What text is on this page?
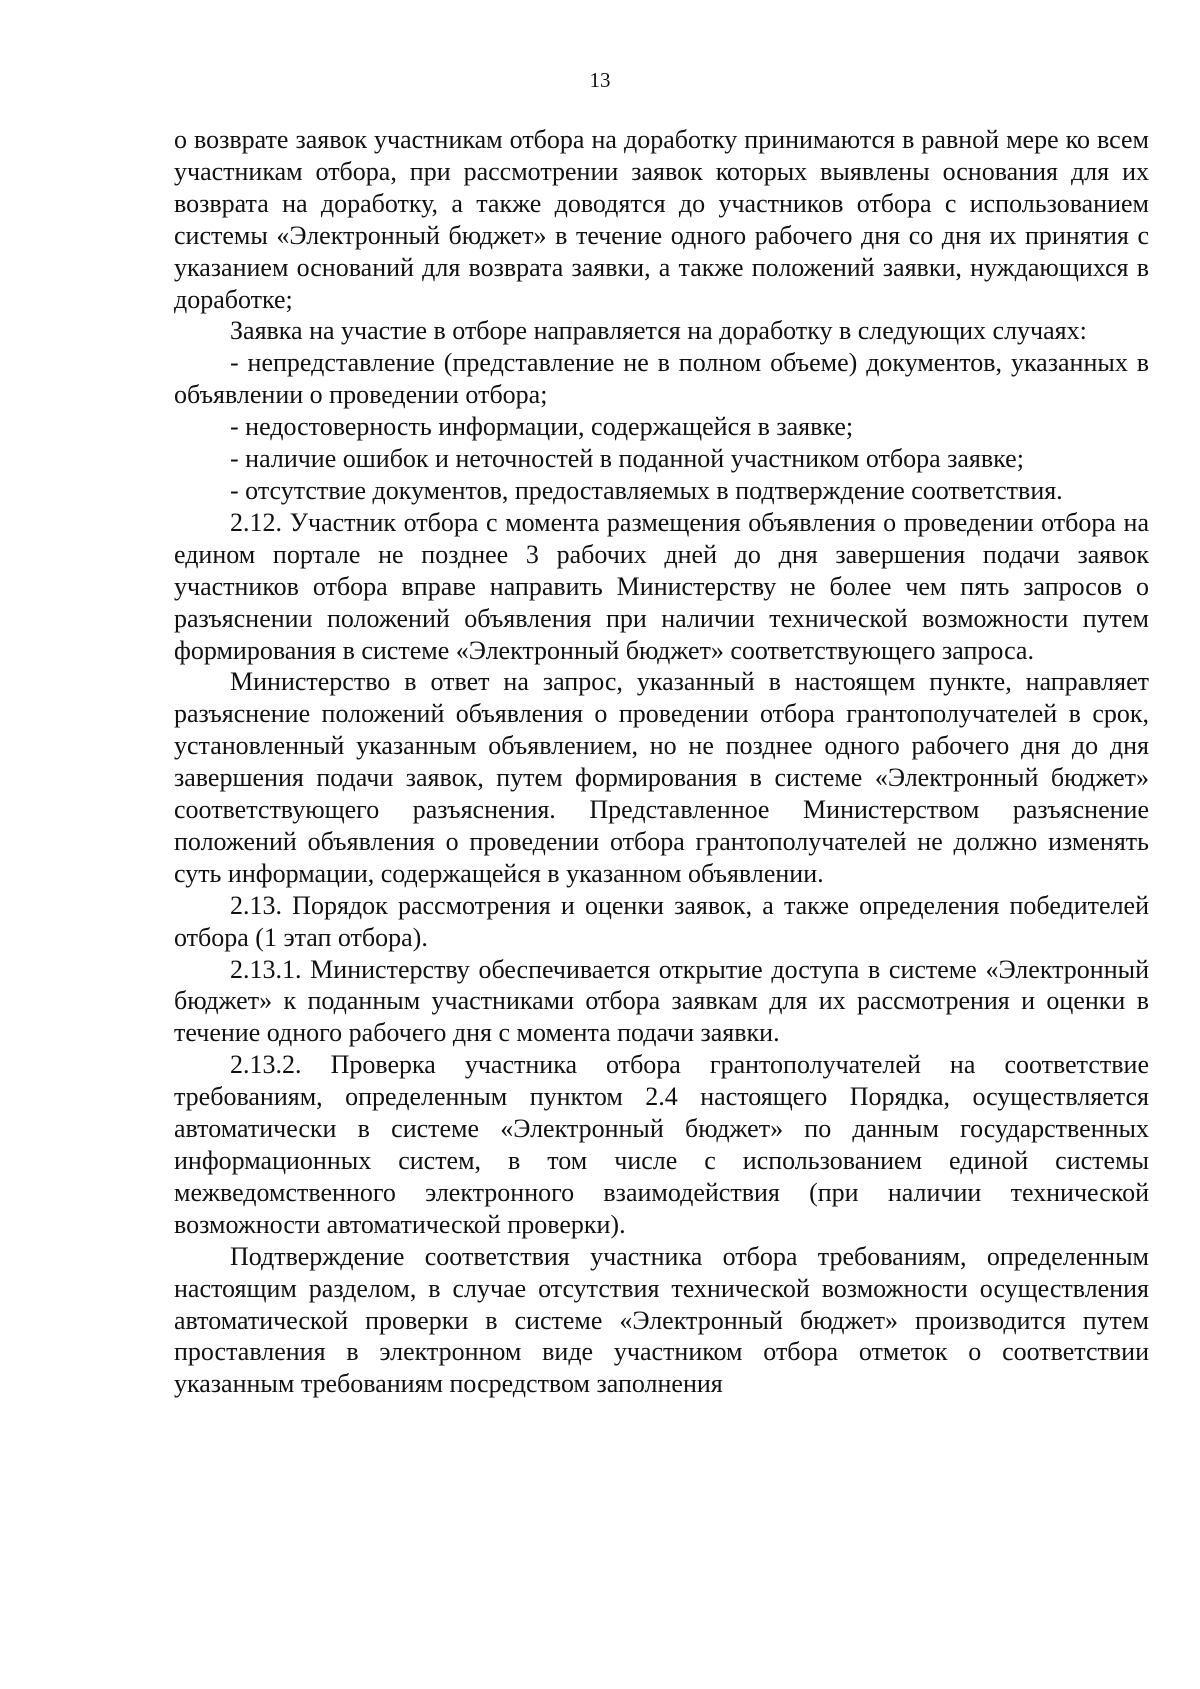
13

о возврате заявок участникам отбора на доработку принимаются в равной мере ко всем участникам отбора, при рассмотрении заявок которых выявлены основания для их возврата на доработку, а также доводятся до участников отбора с использованием системы «Электронный бюджет» в течение одного рабочего дня со дня их принятия с указанием оснований для возврата заявки, а также положений заявки, нуждающихся в доработке;

Заявка на участие в отборе направляется на доработку в следующих случаях:

- непредставление (представление не в полном объеме) документов, указанных в объявлении о проведении отбора;

- недостоверность информации, содержащейся в заявке;

- наличие ошибок и неточностей в поданной участником отбора заявке;

- отсутствие документов, предоставляемых в подтверждение соответствия.

2.12. Участник отбора с момента размещения объявления о проведении отбора на едином портале не позднее 3 рабочих дней до дня завершения подачи заявок участников отбора вправе направить Министерству не более чем пять запросов о разъяснении положений объявления при наличии технической возможности путем формирования в системе «Электронный бюджет» соответствующего запроса.

Министерство в ответ на запрос, указанный в настоящем пункте, направляет разъяснение положений объявления о проведении отбора грантополучателей в срок, установленный указанным объявлением, но не позднее одного рабочего дня до дня завершения подачи заявок, путем формирования в системе «Электронный бюджет» соответствующего разъяснения. Представленное Министерством разъяснение положений объявления о проведении отбора грантополучателей не должно изменять суть информации, содержащейся в указанном объявлении.

2.13. Порядок рассмотрения и оценки заявок, а также определения победителей отбора (1 этап отбора).

2.13.1. Министерству обеспечивается открытие доступа в системе «Электронный бюджет» к поданным участниками отбора заявкам для их рассмотрения и оценки в течение одного рабочего дня с момента подачи заявки.

2.13.2. Проверка участника отбора грантополучателей на соответствие требованиям, определенным пунктом 2.4 настоящего Порядка, осуществляется автоматически в системе «Электронный бюджет» по данным государственных информационных систем, в том числе с использованием единой системы межведомственного электронного взаимодействия (при наличии технической возможности автоматической проверки).

Подтверждение соответствия участника отбора требованиям, определенным настоящим разделом, в случае отсутствия технической возможности осуществления автоматической проверки в системе «Электронный бюджет» производится путем проставления в электронном виде участником отбора отметок о соответствии указанным требованиям посредством заполнения
